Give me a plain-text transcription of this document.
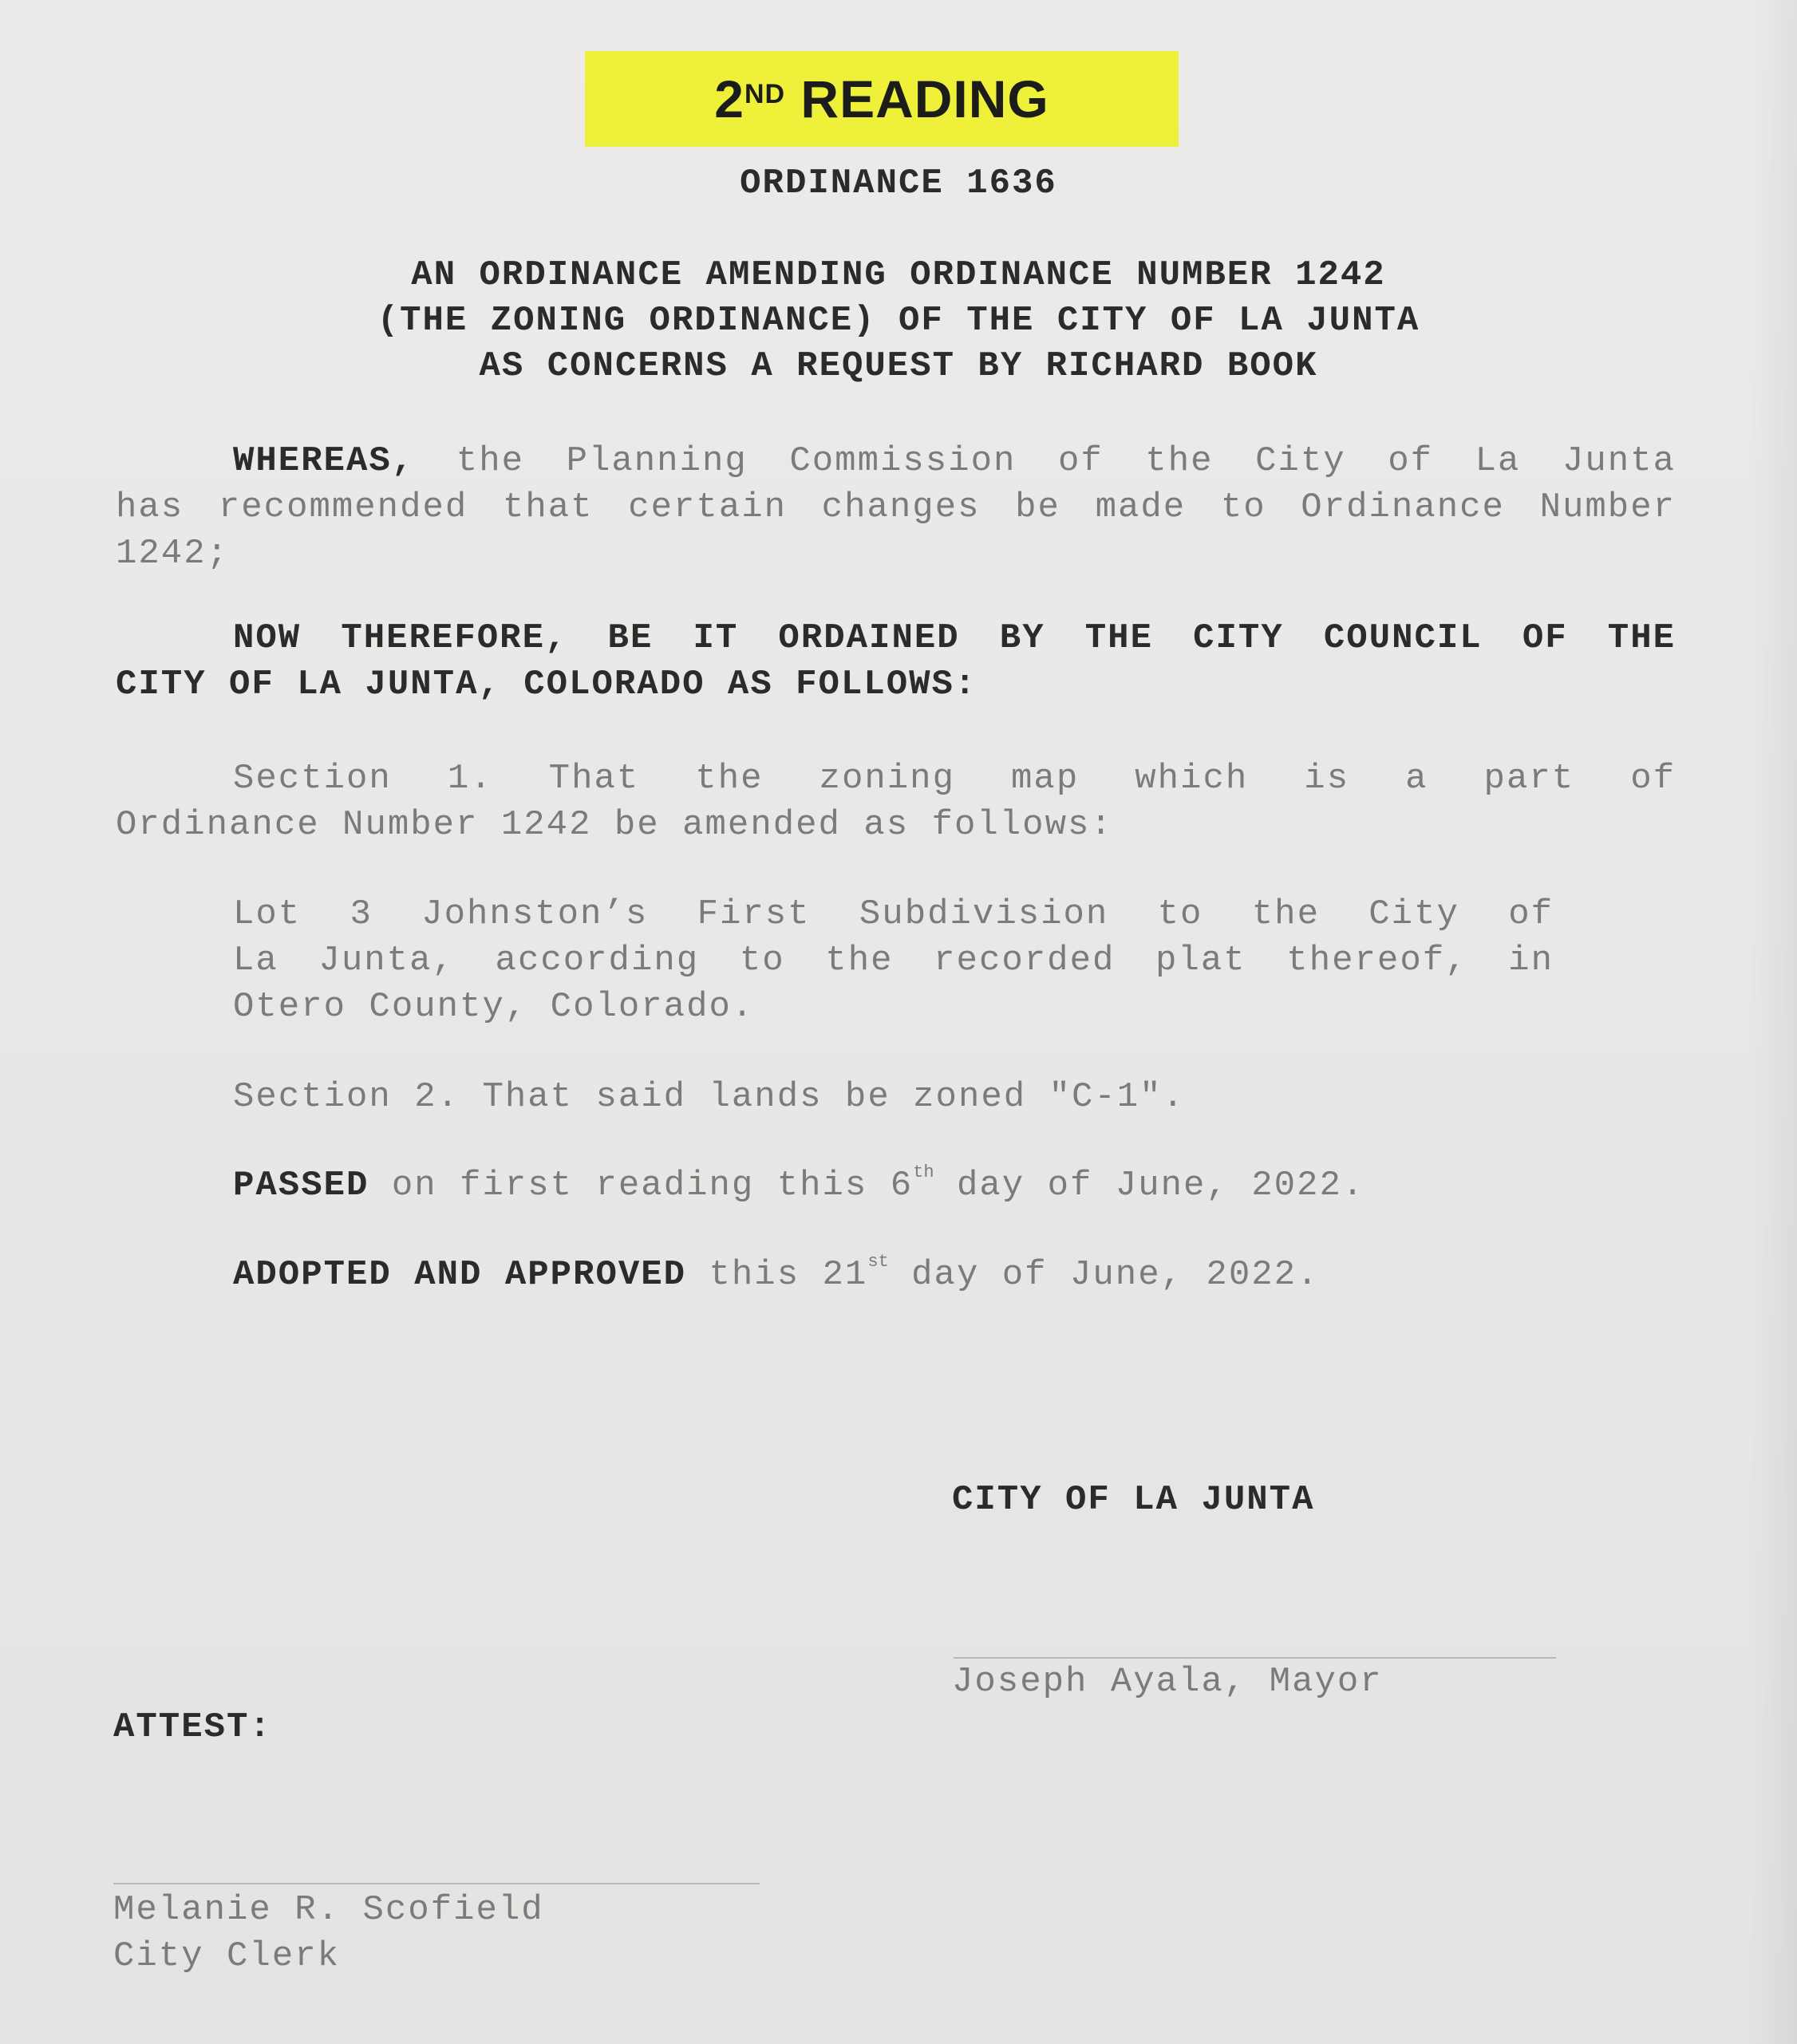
2ND
READING
ORDINANCE 1636
AN ORDINANCE AMENDING ORDINANCE NUMBER 1242
(THE ZONING ORDINANCE) OF THE CITY OF LA JUNTA
AS CONCERNS A REQUEST BY RICHARD BOOK
WHEREAS, the Planning Commission of the City of La Junta
has recommended that certain changes be made to Ordinance Number
1242;
NOW THEREFORE, BE IT ORDAINED BY THE CITY COUNCIL OF THE
CITY OF LA JUNTA, COLORADO AS FOLLOWS:
Section 1. That the zoning map which is a part of
Ordinance Number 1242 be amended as follows:
Lot 3 Johnston’s First Subdivision to the City of
La Junta, according to the recorded plat thereof, in
Otero County, Colorado.
Section 2. That said lands be zoned "C-1".
PASSED on first reading this 6th day of June, 2022.
ADOPTED AND APPROVED this 21st day of June, 2022.
CITY OF LA JUNTA
Joseph Ayala, Mayor
ATTEST:
Melanie R. Scofield
City Clerk
